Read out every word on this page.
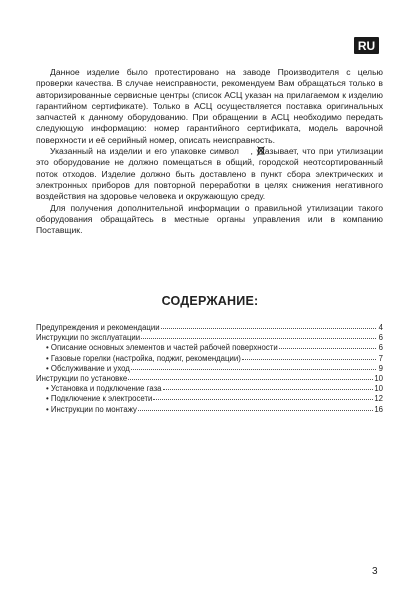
RU

Данное изделие было протестировано на заводе Производителя с целью проверки качества. В случае неисправности, рекомендуем Вам обращаться только в авторизированные сервисные центры (список АСЦ указан на прилагаемом к изделию гарантийном сертификате). Только в АСЦ осуществляется поставка оригинальных запчастей к данному оборудованию. При обращении в АСЦ необходимо передать следующую информацию: номер гарантийного сертификата, модель варочной поверхности и её серийный номер, описать неисправность.

Указанный на изделии и его упаковке символ , указывает, что при утилизации это оборудование не должно помещаться в общий, городской неотсортированный поток отходов. Изделие должно быть доставлено в пункт сбора электрических и электронных приборов для повторной переработки в целях снижения негативного воздействия на здоровье человека и окружающую среду.

Для получения дополнительной информации о правильной утилизации такого оборудования обращайтесь в местные органы управления или в компанию Поставщик.

СОДЕРЖАНИЕ:
Предупреждения и рекомендации	4
Инструкции по эксплуатации	6
• Описание основных элементов и частей рабочей поверхности	6
• Газовые горелки (настройка, поджиг, рекомендации)	7
• Обслуживание и уход	9
Инструкции по установке	10
• Установка и подключение газа	10
• Подключение к электросети	12
• Инструкции по монтажу	16
3
